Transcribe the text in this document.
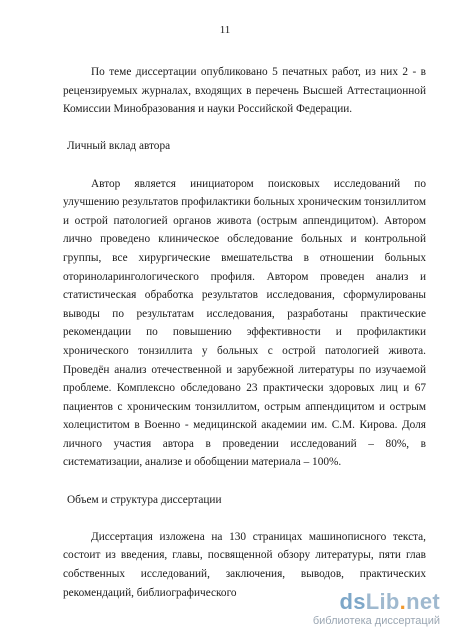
11

По теме диссертации опубликовано 5 печатных работ, из них 2 - в рецензируемых журналах, входящих в перечень Высшей Аттестационной Комиссии Минобразования и науки Российской Федерации.

Личный вклад автора

Автор является инициатором поисковых исследований по улучшению результатов профилактики больных хроническим тонзиллитом и острой патологией органов живота (острым аппендицитом). Автором лично проведено клиническое обследование больных и контрольной группы, все хирургические вмешательства в отношении больных оториноларингологического профиля. Автором проведен анализ и статистическая обработка результатов исследования, сформулированы выводы по результатам исследования, разработаны практические рекомендации по повышению эффективности и профилактики хронического тонзиллита у больных с острой патологией живота. Проведён анализ отечественной и зарубежной литературы по изучаемой проблеме. Комплексно обследовано 23 практически здоровых лиц и 67 пациентов с хроническим тонзиллитом, острым аппендицитом и острым холециститом в Военно - медицинской академии им. С.М. Кирова. Доля личного участия автора в проведении исследований – 80%, в систематизации, анализе и обобщении материала – 100%.

Объем и структура диссертации

Диссертация изложена на 130 страницах машинописного текста, состоит из введения, главы, посвященной обзору литературы, пяти глав собственных исследований, заключения, выводов, практических рекомендаций, библиографического	dsLib.net
библиотека диссертаций
